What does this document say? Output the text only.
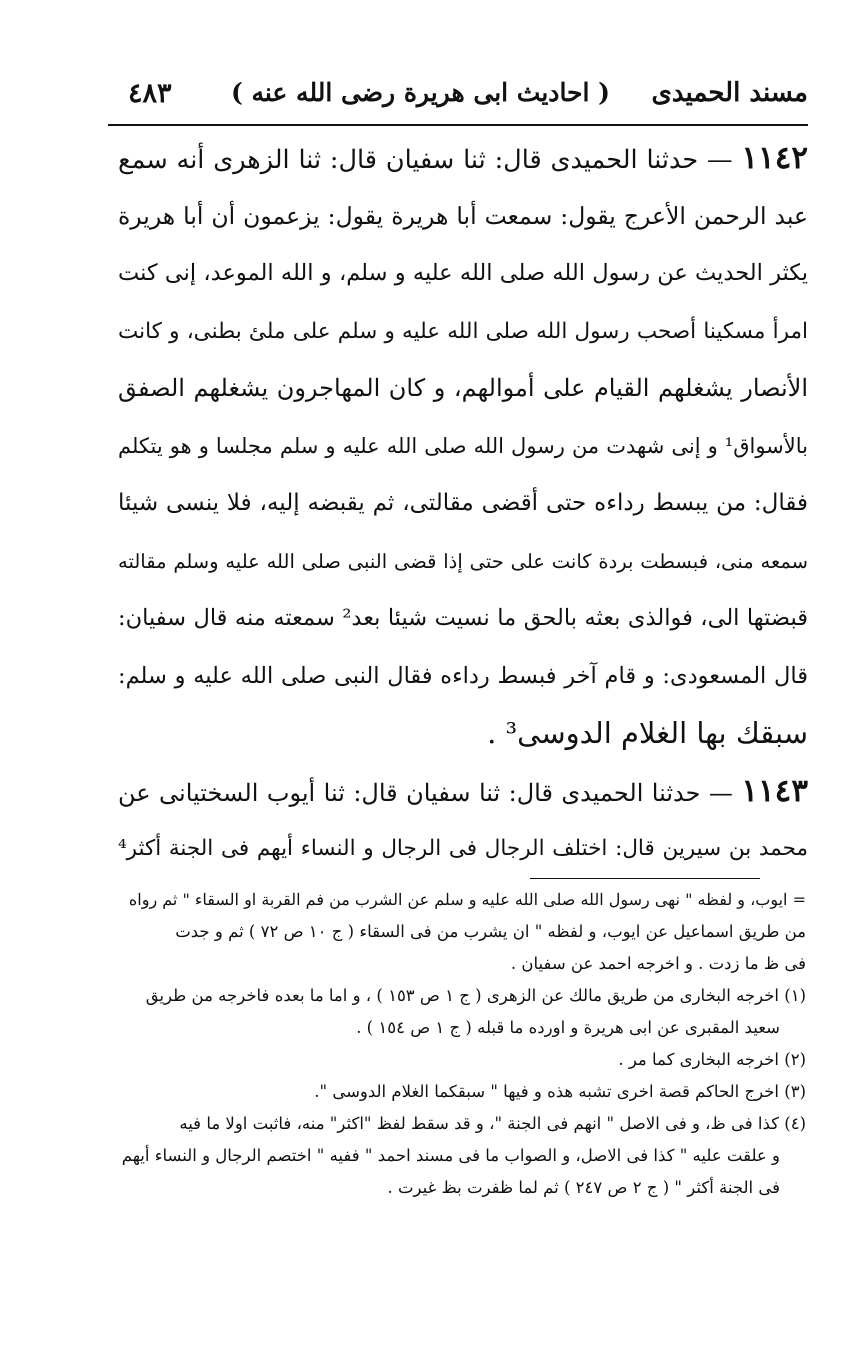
مسند الحميدى
( احاديث ابى هريرة رضى الله عنه )
٤٨٣
١١٤٢ — حدثنا الحميدى قال: ثنا سفيان قال: ثنا الزهرى أنه سمع
عبد الرحمن الأعرج يقول: سمعت أبا هريرة يقول: يزعمون أن أبا هريرة
يكثر الحديث عن رسول الله صلى الله عليه و سلم، و الله الموعد، إنى كنت
امرأ مسكينا أصحب رسول الله صلى الله عليه و سلم على ملئ بطنى، و كانت
الأنصار يشغلهم القيام على أموالهم، و كان المهاجرون يشغلهم الصفق
بالأسواق¹ و إنى شهدت من رسول الله صلى الله عليه و سلم مجلسا و هو يتكلم
فقال: من يبسط رداءه حتى أقضى مقالتى، ثم يقبضه إليه، فلا ينسى شيئا
سمعه منى، فبسطت بردة كانت على حتى إذا قضى النبى صلى الله عليه وسلم مقالته
قبضتها الى، فوالذى بعثه بالحق ما نسيت شيئا بعد² سمعته منه قال سفيان:
قال المسعودى: و قام آخر فبسط رداءه فقال النبى صلى الله عليه و سلم:
سبقك بها الغلام الدوسى³ .
١١٤٣ — حدثنا الحميدى قال: ثنا سفيان قال: ثنا أيوب السختيانى عن
محمد بن سيرين قال: اختلف الرجال فى الرجال و النساء أيهم فى الجنة أكثر⁴
= ايوب، و لفظه " نهى رسول الله صلى الله عليه و سلم عن الشرب من فم القربة او السقاء " ثم رواه
من طريق اسماعيل عن ايوب، و لفظه " ان يشرب من فى السقاء ( ج ١٠ ص ٧٢ ) ثم و جدت
فى ظ ما زدت . و اخرجه احمد عن سفيان .
(١) اخرجه البخارى من طريق مالك عن الزهرى ( ج ١ ص ١٥٣ ) ، و اما ما بعده فاخرجه من طريق
سعيد المقبرى عن ابى هريرة و اورده ما قبله ( ج ١ ص ١٥٤ ) .
(٢) اخرجه البخارى كما مر .
(٣) اخرج الحاكم قصة اخرى تشبه هذه و فيها " سبقكما الغلام الدوسى ".
(٤) كذا فى ظ، و فى الاصل " انهم فى الجنة "، و قد سقط لفظ "اكثر" منه، فاثبت اولا ما فيه
و علقت عليه " كذا فى الاصل، و الصواب ما فى مسند احمد " ففيه " اختصم الرجال و النساء أيهم
فى الجنة أكثر " ( ج ٢ ص ٢٤٧ ) ثم لما ظفرت بظ غيرت .
